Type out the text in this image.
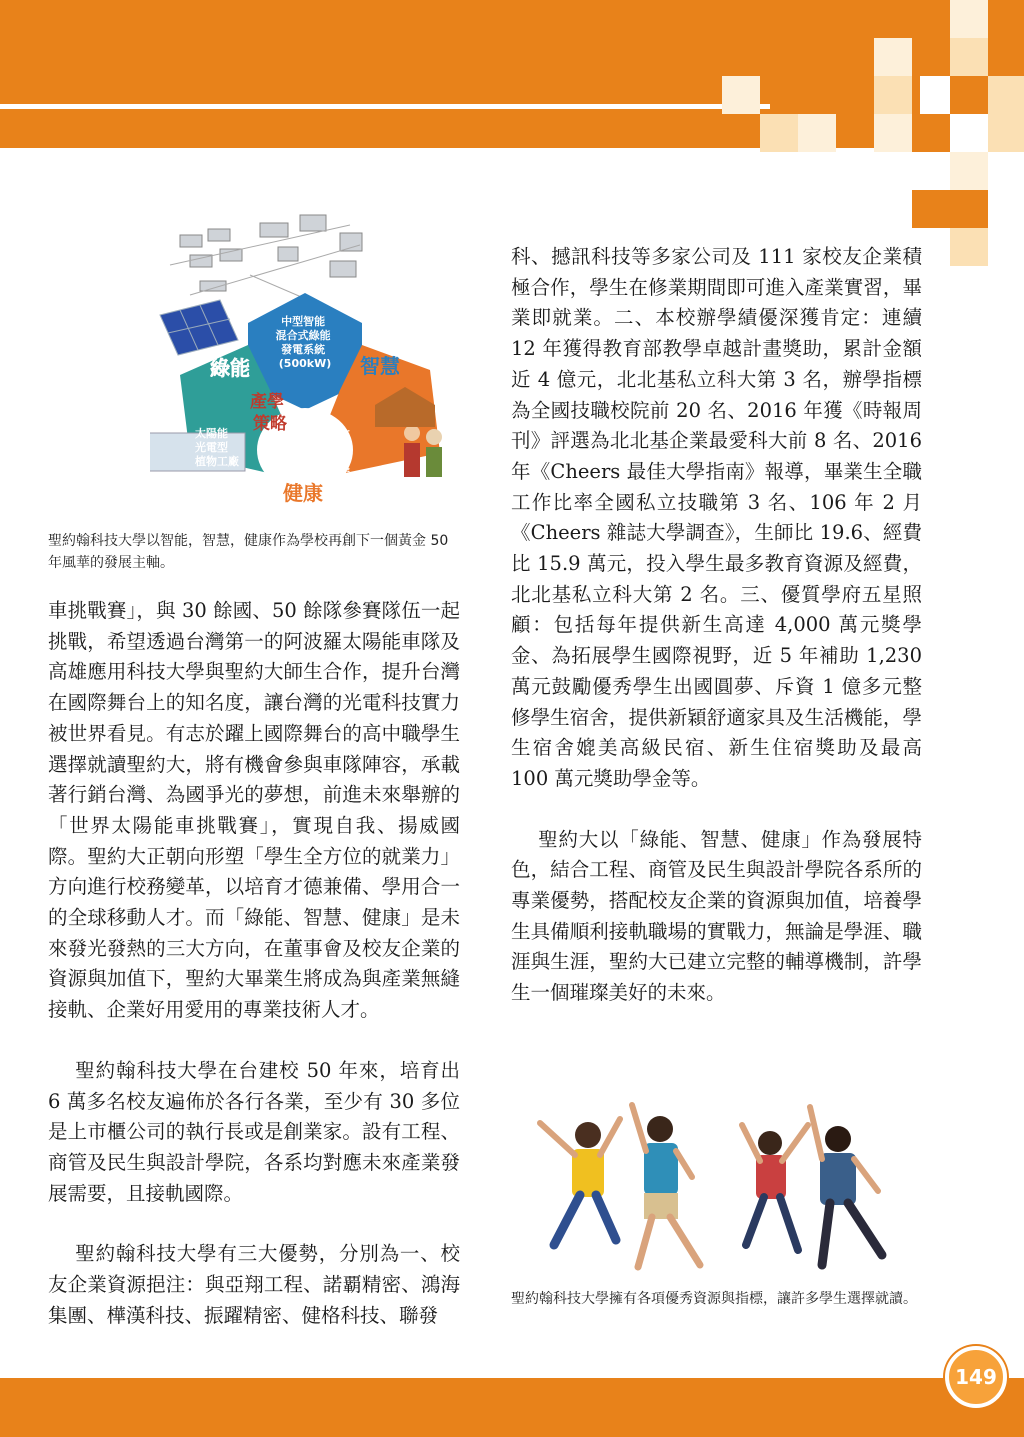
中型智能 混合式綠能 發電系統 (500kW)
綠能	智慧
健康
產學 策略
太陽能 光電型 植物工廠
幸福大未來 (長照2.0) 青銀共創 銀光經濟學
聖約翰科技大學以智能，智慧，健康作為學校再創下一個黃金 50 年風華的發展主軸。

車挑戰賽」，與 30 餘國、50 餘隊參賽隊伍一起挑戰，希望透過台灣第一的阿波羅太陽能車隊及高雄應用科技大學與聖約大師生合作，提升台灣在國際舞台上的知名度，讓台灣的光電科技實力被世界看見。有志於躍上國際舞台的高中職學生選擇就讀聖約大，將有機會參與車隊陣容，承載著行銷台灣、為國爭光的夢想，前進未來舉辦的「世界太陽能車挑戰賽」，實現自我、揚威國際。聖約大正朝向形塑「學生全方位的就業力」方向進行校務變革，以培育才德兼備、學用合一的全球移動人才。而「綠能、智慧、健康」是未來發光發熱的三大方向，在董事會及校友企業的資源與加值下，聖約大畢業生將成為與產業無縫接軌、企業好用愛用的專業技術人才。

聖約翰科技大學在台建校 50 年來，培育出 6 萬多名校友遍佈於各行各業，至少有 30 多位是上市櫃公司的執行長或是創業家。設有工程、商管及民生與設計學院，各系均對應未來產業發展需要，且接軌國際。

聖約翰科技大學有三大優勢，分別為一、校友企業資源挹注：與亞翔工程、諾覇精密、鴻海集團、樺漢科技、振躍精密、健格科技、聯發

科、撼訊科技等多家公司及 111 家校友企業積極合作，學生在修業期間即可進入產業實習，畢業即就業。二、本校辦學績優深獲肯定：連續 12 年獲得教育部教學卓越計畫獎助，累計金額近 4 億元，北北基私立科大第 3 名，辦學指標為全國技職校院前 20 名、2016 年獲《時報周刊》評選為北北基企業最愛科大前 8 名、2016 年《Cheers 最佳大學指南》報導，畢業生全職工作比率全國私立技職第 3 名、106 年 2 月《Cheers 雜誌大學調查》，生師比 19.6、經費比 15.9 萬元，投入學生最多教育資源及經費，北北基私立科大第 2 名。三、優質學府五星照顧：包括每年提供新生高達 4,000 萬元獎學金、為拓展學生國際視野，近 5 年補助 1,230 萬元鼓勵優秀學生出國圓夢、斥資 1 億多元整修學生宿舍，提供新穎舒適家具及生活機能，學生宿舍媲美高級民宿、新生住宿獎助及最高 100 萬元獎助學金等。

聖約大以「綠能、智慧、健康」作為發展特色，結合工程、商管及民生與設計學院各系所的專業優勢，搭配校友企業的資源與加值，培養學生具備順利接軌職場的實戰力，無論是學涯、職涯與生涯，聖約大已建立完整的輔導機制，許學生一個璀璨美好的未來。

聖約翰科技大學擁有各項優秀資源與指標，讓許多學生選擇就讀。
149
